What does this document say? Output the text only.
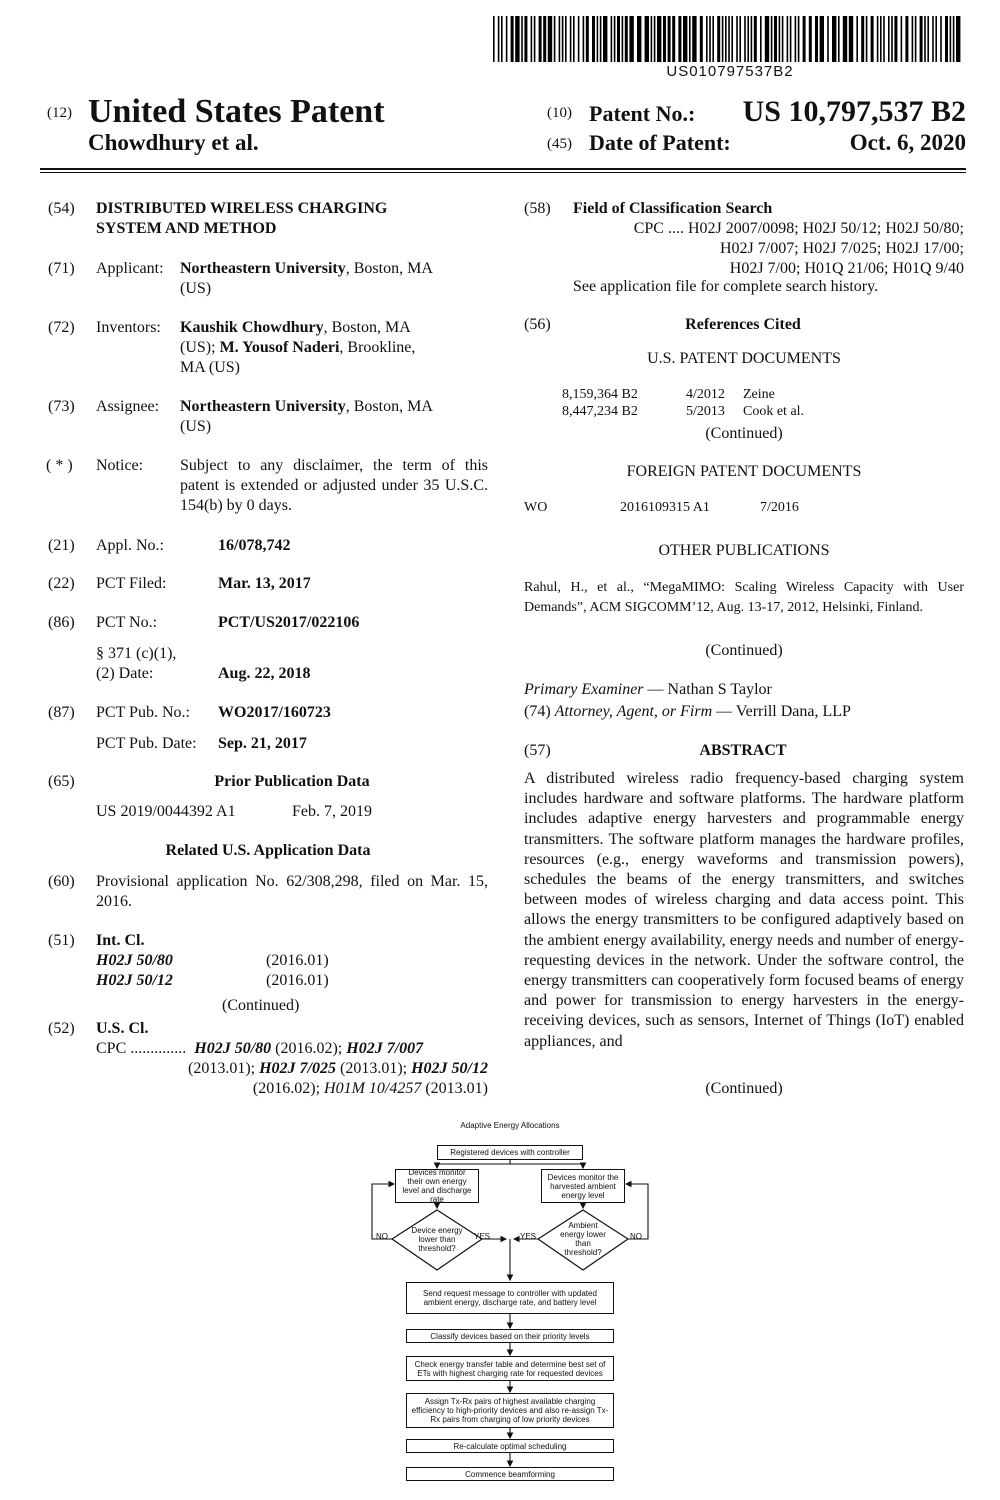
US010797537B2
(12) United States Patent
Chowdhury et al.
(10) Patent No.:	US 10,797,537 B2
(45) Date of Patent:	Oct. 6, 2020
(54) DISTRIBUTED WIRELESS CHARGING
SYSTEM AND METHOD
(71) Applicant: Northeastern University, Boston, MA
(US)
(72) Inventors: Kaushik Chowdhury, Boston, MA
(US); M. Yousof Naderi, Brookline,
MA (US)
(73) Assignee: Northeastern University, Boston, MA
(US)
( * ) Notice: Subject to any disclaimer, the term of this patent is extended or adjusted under 35 U.S.C. 154(b) by 0 days.
(21) Appl. No.:	16/078,742
(22) PCT Filed:	Mar. 13, 2017
(86) PCT No.:	PCT/US2017/022106
§ 371 (c)(1),
(2) Date:	Aug. 22, 2018
(87) PCT Pub. No.: WO2017/160723
PCT Pub. Date: Sep. 21, 2017
(65)	Prior Publication Data
US 2019/0044392 A1	Feb. 7, 2019
Related U.S. Application Data
(60) Provisional application No. 62/308,298, filed on Mar. 15, 2016.
(51) Int. Cl.
H02J 50/80	(2016.01)
H02J 50/12	(2016.01)
(Continued)
(52) U.S. Cl.
CPC .............. H02J 50/80 (2016.02); H02J 7/007
(2013.01); H02J 7/025 (2013.01); H02J 50/12
(2016.02); H01M 10/4257 (2013.01)
(58) Field of Classification Search
CPC .... H02J 2007/0098; H02J 50/12; H02J 50/80;
H02J 7/007; H02J 7/025; H02J 17/00;
H02J 7/00; H01Q 21/06; H01Q 9/40
See application file for complete search history.
(56)	References Cited
U.S. PATENT DOCUMENTS
8,159,364 B2	4/2012 Zeine
8,447,234 B2	5/2013 Cook et al.
(Continued)
FOREIGN PATENT DOCUMENTS
WO	2016109315 A1	7/2016
OTHER PUBLICATIONS
Rahul, H., et al., “MegaMIMO: Scaling Wireless Capacity with User Demands”, ACM SIGCOMM’12, Aug. 13-17, 2012, Helsinki, Finland.
(Continued)
Primary Examiner — Nathan S Taylor
(74) Attorney, Agent, or Firm — Verrill Dana, LLP
(57)	ABSTRACT
A distributed wireless radio frequency-based charging system includes hardware and software platforms. The hardware platform includes adaptive energy harvesters and programmable energy transmitters. The software platform manages the hardware profiles, resources (e.g., energy waveforms and transmission powers), schedules the beams of the energy transmitters, and switches between modes of wireless charging and data access point. This allows the energy transmitters to be configured adaptively based on the ambient energy availability, energy needs and number of energy-requesting devices in the network. Under the software control, the energy transmitters can cooperatively form focused beams of energy and power for transmission to energy harvesters in the energy-receiving devices, such as sensors, Internet of Things (IoT) enabled appliances, and
(Continued)
Adaptive Energy Allocations
Registered devices with controller
Devices monitor their own energy level and discharge rate
Devices monitor the harvested ambient energy level
Device energy lower than threshold?
Ambient energy lower than threshold?
NO	YES	YES	NO
Send request message to controller with updated ambient energy, discharge rate, and battery level
Classify devices based on their priority levels
Check energy transfer table and determine best set of ETs with highest charging rate for requested devices
Assign Tx-Rx pairs of highest available charging efficiency to high-priority devices and also re-assign Tx-Rx pairs from charging of low priority devices
Re-calculate optimal scheduling
Commence beamforming
